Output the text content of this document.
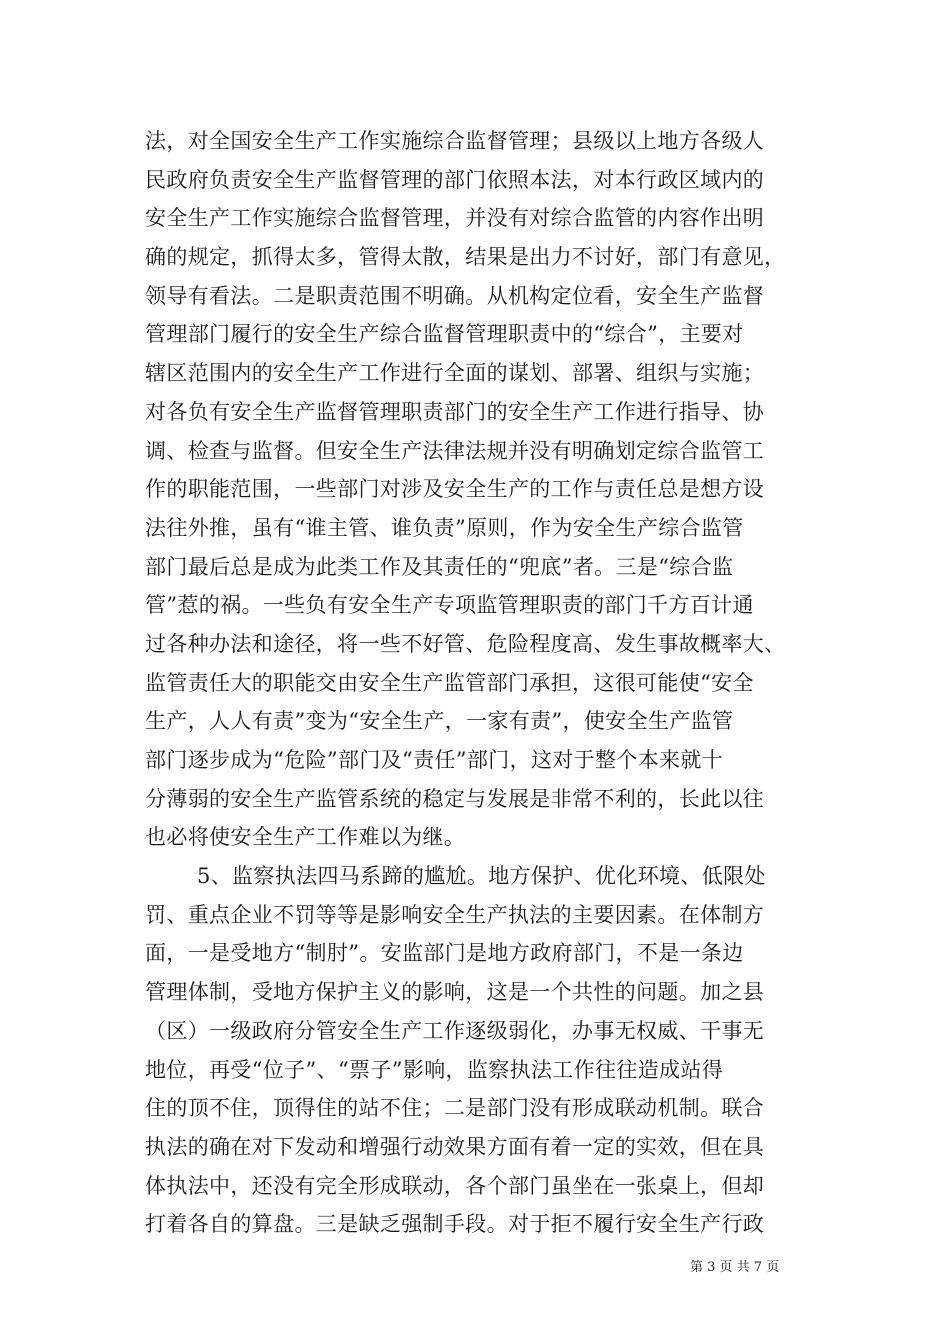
法，对全国安全生产工作实施综合监督管理；县级以上地方各级人
民政府负责安全生产监督管理的部门依照本法，对本行政区域内的
安全生产工作实施综合监督管理，并没有对综合监管的内容作出明
确的规定，抓得太多，管得太散，结果是出力不讨好，部门有意见，
领导有看法。二是职责范围不明确。从机构定位看，安全生产监督
管理部门履行的安全生产综合监督管理职责中的“综合”，主要对
辖区范围内的安全生产工作进行全面的谋划、部署、组织与实施；
对各负有安全生产监督管理职责部门的安全生产工作进行指导、协
调、检查与监督。但安全生产法律法规并没有明确划定综合监管工
作的职能范围，一些部门对涉及安全生产的工作与责任总是想方设
法往外推，虽有“谁主管、谁负责”原则，作为安全生产综合监管
部门最后总是成为此类工作及其责任的“兜底”者。三是“综合监
管”惹的祸。一些负有安全生产专项监管理职责的部门千方百计通
过各种办法和途径，将一些不好管、危险程度高、发生事故概率大、
监管责任大的职能交由安全生产监管部门承担，这很可能使“安全
生产，人人有责”变为“安全生产，一家有责”，使安全生产监管
部门逐步成为“危险”部门及“责任”部门，这对于整个本来就十
分薄弱的安全生产监管系统的稳定与发展是非常不利的，长此以往
也必将使安全生产工作难以为继。
5、监察执法四马系蹄的尴尬。地方保护、优化环境、低限处
罚、重点企业不罚等等是影响安全生产执法的主要因素。在体制方
面，一是受地方“制肘”。安监部门是地方政府部门，不是一条边
管理体制，受地方保护主义的影响，这是一个共性的问题。加之县
（区）一级政府分管安全生产工作逐级弱化，办事无权威、干事无
地位，再受“位子”、“票子”影响，监察执法工作往往造成站得
住的顶不住，顶得住的站不住；二是部门没有形成联动机制。联合
执法的确在对下发动和增强行动效果方面有着一定的实效，但在具
体执法中，还没有完全形成联动，各个部门虽坐在一张桌上，但却
打着各自的算盘。三是缺乏强制手段。对于拒不履行安全生产行政
第 3 页 共 7 页
